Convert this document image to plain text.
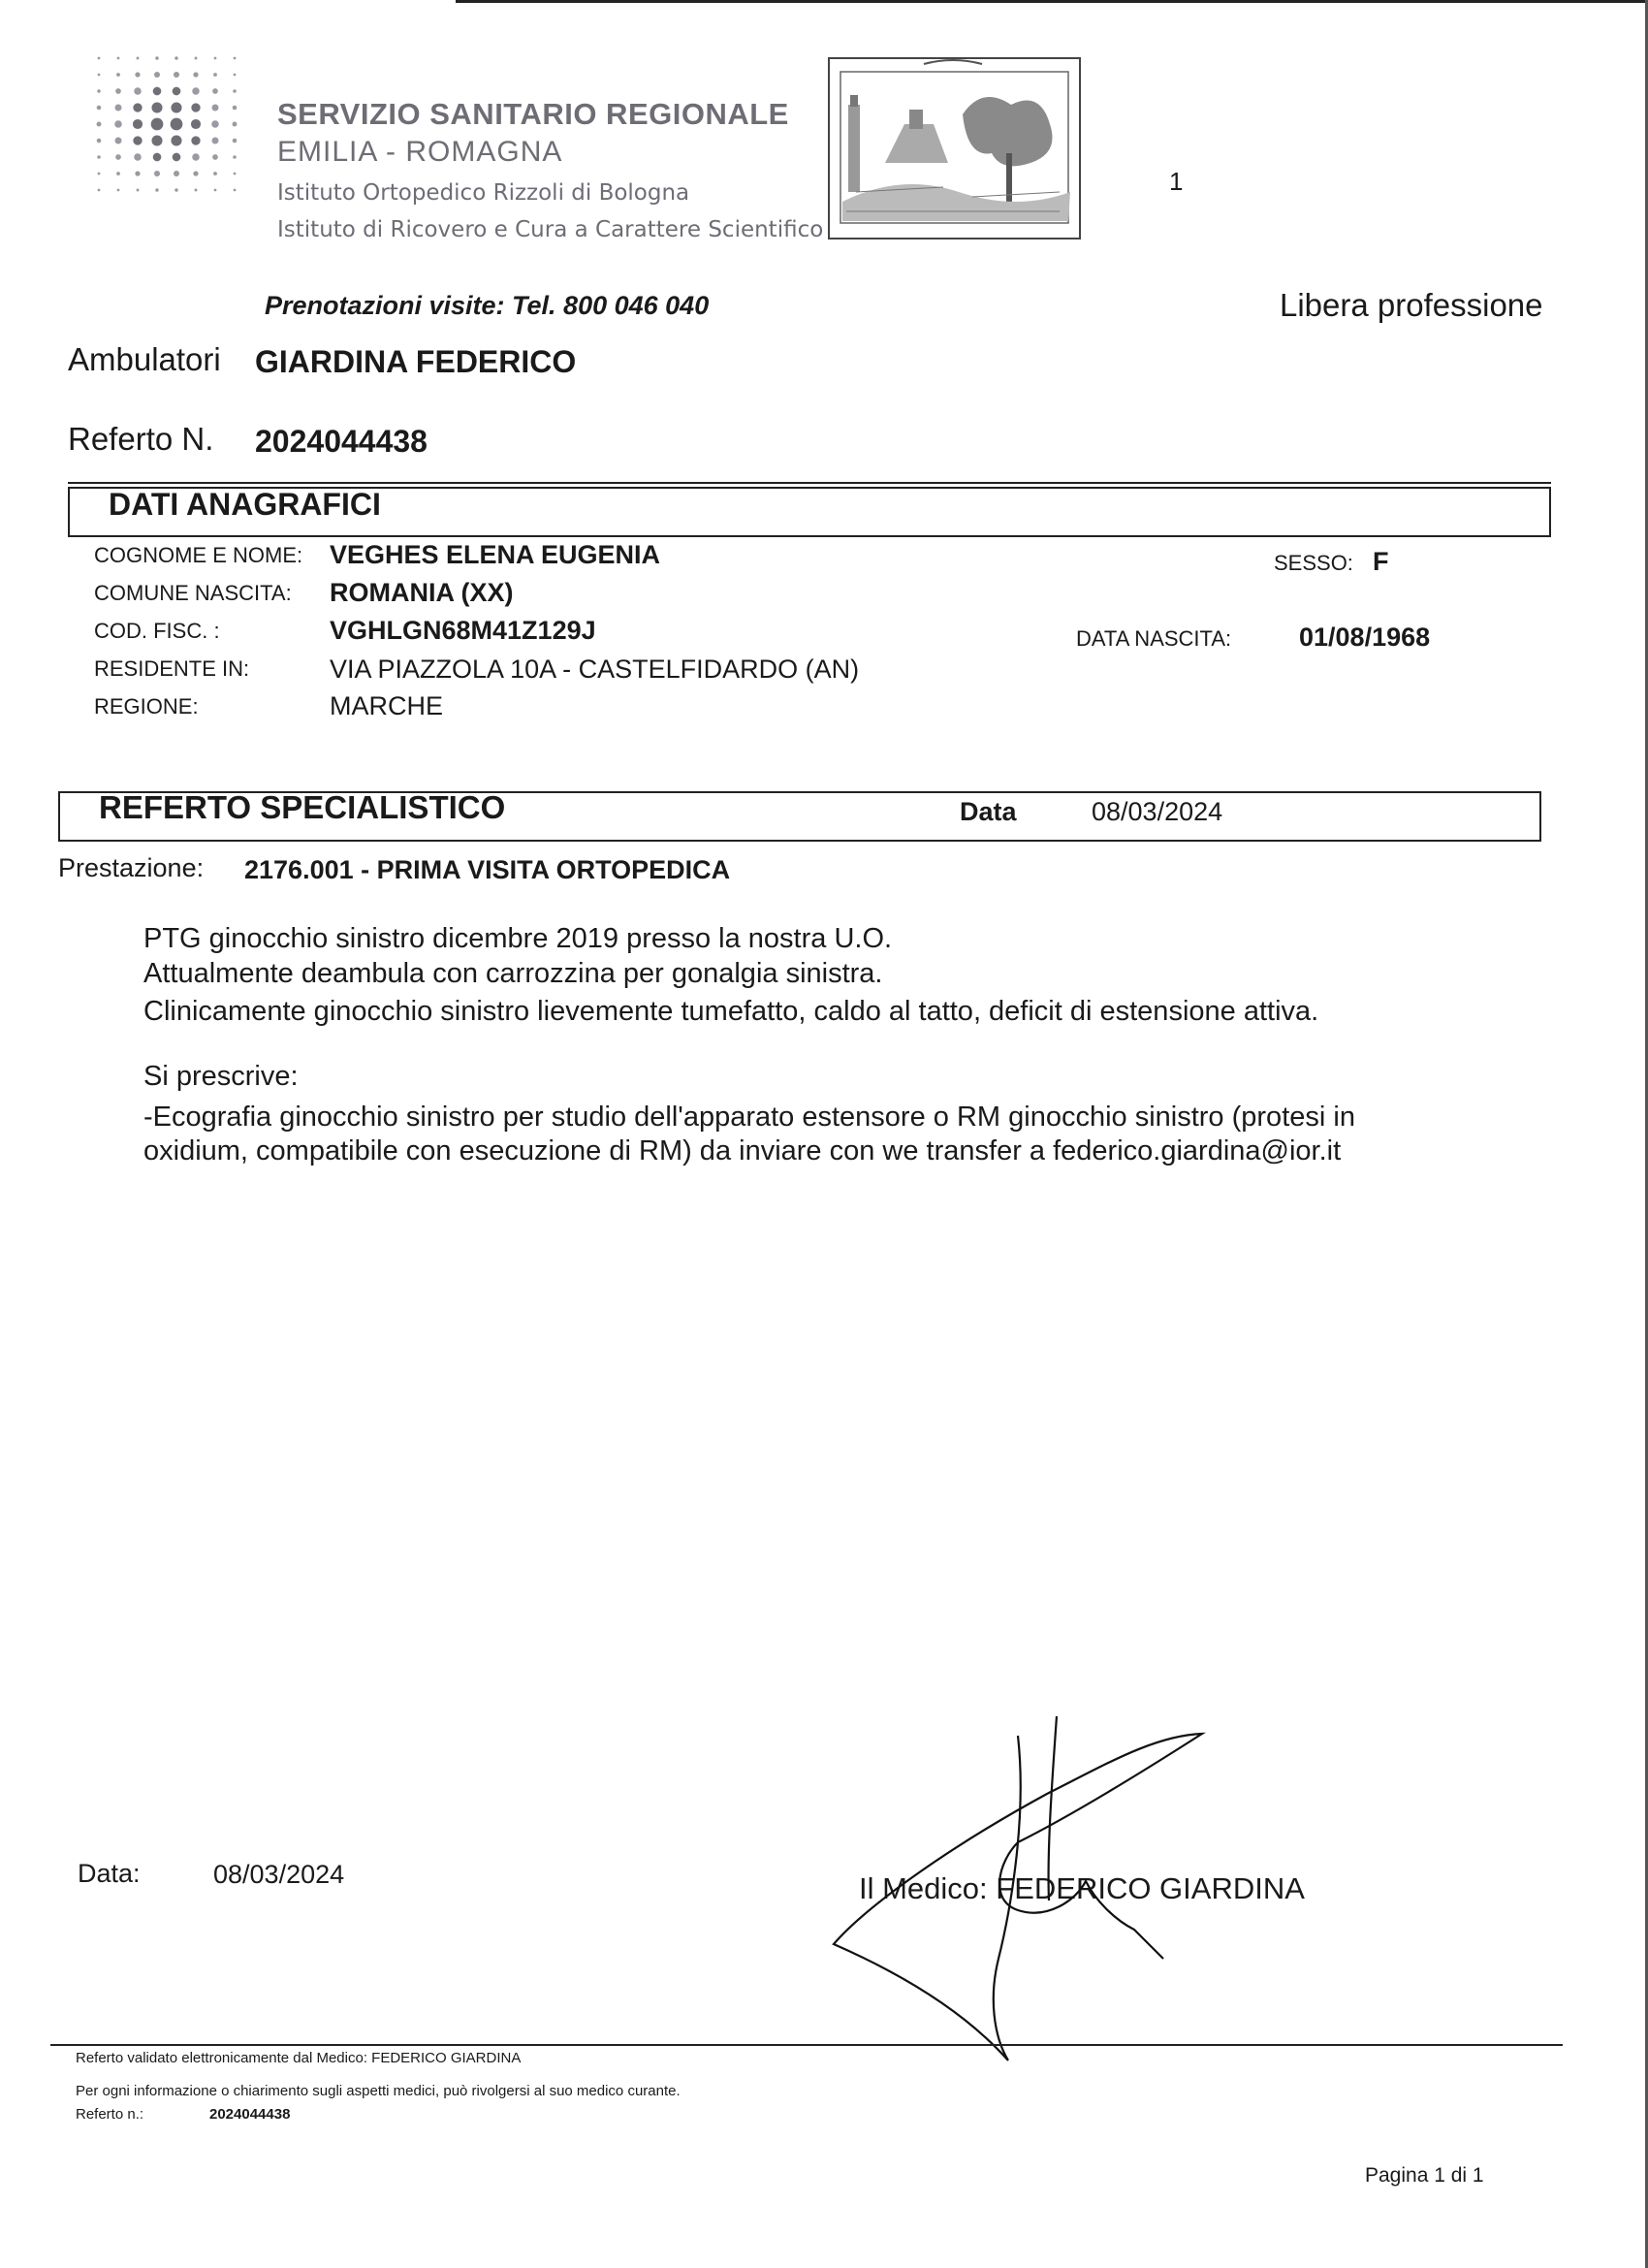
SERVIZIO SANITARIO REGIONALE
EMILIA - ROMAGNA
Istituto Ortopedico Rizzoli di Bologna
Istituto di Ricovero e Cura a Carattere Scientifico
1
Prenotazioni visite: Tel. 800 046 040	Libera professione
Ambulatori GIARDINA FEDERICO
Referto N. 2024044438
DATI ANAGRAFICI
COGNOME E NOME: VEGHES ELENA EUGENIA	SESSO: F
COMUNE NASCITA: ROMANIA (XX)
COD. FISC. :	VGHLGN68M41Z129J	DATA NASCITA:	01/08/1968
RESIDENTE IN:	VIA PIAZZOLA 10A - CASTELFIDARDO (AN)
REGIONE:	MARCHE
REFERTO SPECIALISTICO	Data	08/03/2024
Prestazione: 2176.001 - PRIMA VISITA ORTOPEDICA
PTG ginocchio sinistro dicembre 2019 presso la nostra U.O.
Attualmente deambula con carrozzina per gonalgia sinistra.
Clinicamente ginocchio sinistro lievemente tumefatto, caldo al tatto, deficit di estensione attiva.
Si prescrive:
-Ecografia ginocchio sinistro per studio dell'apparato estensore o RM ginocchio sinistro (protesi in
oxidium, compatibile con esecuzione di RM) da inviare con we transfer a federico.giardina@ior.it
Data:	08/03/2024	Il Medico: FEDERICO GIARDINA
Referto validato elettronicamente dal Medico: FEDERICO GIARDINA
Per ogni informazione o chiarimento sugli aspetti medici, può rivolgersi al suo medico curante.
Referto n.:	2024044438
Pagina 1 di 1
